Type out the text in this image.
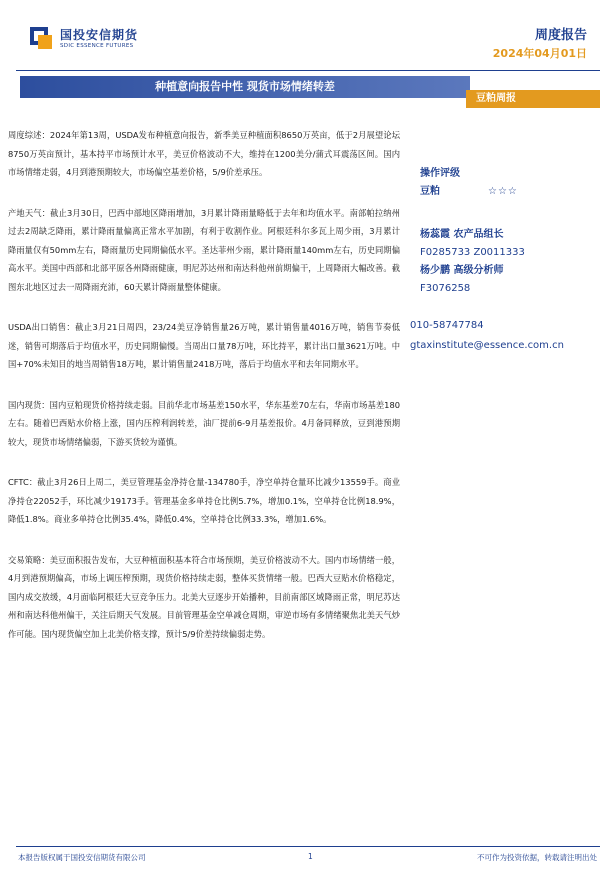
国投安信期货
SDIC ESSENCE FUTURES
周度报告
2024年04月01日
种植意向报告中性 现货市场情绪转差
豆粕周报

周度综述：2024年第13周，USDA发布种植意向报告，新季美豆种植面积8650万英亩，低于2月展望论坛8750万英亩预计，基本持平市场预计水平，美豆价格波动不大，维持在1200美分/蒲式耳震荡区间。国内市场情绪走弱，4月到港预期较大，市场偏空基差价格，5/9价差承压。

产地天气：截止3月30日，巴西中部地区降雨增加，3月累计降雨量略低于去年和均值水平。南部帕拉纳州过去2周缺乏降雨，累计降雨量偏离正常水平加剧，有利于收割作业。阿根廷科尔多瓦上周少雨，3月累计降雨量仅有50mm左右，降雨量历史同期偏低水平。圣达菲州少雨，累计降雨量140mm左右，历史同期偏高水平。美国中西部和北部平原各州降雨健康，明尼苏达州和南达科他州前期偏干，上周降雨大幅改善。截图东北地区过去一周降雨充沛，60天累计降雨量整体健康。

USDA出口销售：截止3月21日周四，23/24美豆净销售量26万吨，累计销售量4016万吨，销售节奏低迷，销售可期落后于均值水平，历史同期偏慢。当周出口量78万吨，环比持平，累计出口量3621万吨。中国+70%未知目的地当周销售18万吨，累计销售量2418万吨，落后于均值水平和去年同期水平。

国内现货：国内豆粕现货价格持续走弱。目前华北市场基差150水平，华东基差70左右，华南市场基差180左右。随着巴西贴水价格上涨，国内压榨利润转差，油厂提前6-9月基差报价。4月备同释放，豆到港预期较大，现货市场情绪偏弱，下游买货较为谨慎。

CFTC：截止3月26日上周二，美豆管理基金净持仓量-134780手，净空单持仓量环比减少13559手。商业净持仓22052手，环比减少19173手。管理基金多单持仓比例5.7%，增加0.1%，空单持仓比例18.9%，降低1.8%。商业多单持仓比例35.4%，降低0.4%，空单持仓比例33.3%，增加1.6%。

交易策略：美豆面积报告发布，大豆种植面积基本符合市场预期，美豆价格波动不大。国内市场情绪一般，4月到港预期偏高，市场上调压榨预期，现货价格持续走弱，整体买货情绪一般。巴西大豆贴水价格稳定，国内成交放缓，4月面临阿根廷大豆竞争压力。北美大豆逐步开始播种，目前南部区域降雨正常，明尼苏达州和南达科他州偏干，关注后期天气发展。目前管理基金空单减仓周期，审逆市场有多情绪聚焦北美天气炒作可能。国内现货偏空加上北美价格支撑，预计5/9价差持续偏弱走势。

操作评级
豆粕	☆☆☆
杨蕊霞 农产品组长
F0285733 Z0011333
杨少鹏 高级分析师
F3076258
010-58747784
gtaxinstitute@essence.com.cn
本报告版权属于国投安信期货有限公司	1	不可作为投资依据，转载请注明出处
